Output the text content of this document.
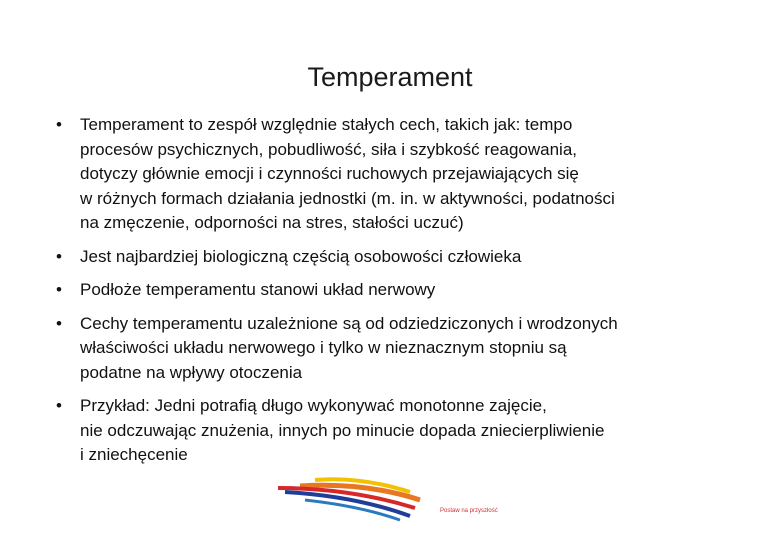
Temperament
•	Temperament to zespół względnie stałych cech, takich jak: tempo
procesów psychicznych, pobudliwość, siła i szybkość reagowania,
dotyczy głównie emocji i czynności ruchowych przejawiających się
w różnych formach działania jednostki (m. in. w aktywności, podatności
na zmęczenie, odporności na stres, stałości uczuć)
•	Jest najbardziej biologiczną częścią osobowości człowieka
•	Podłoże temperamentu stanowi układ nerwowy
•	Cechy temperamentu uzależnione są od odziedziczonych i wrodzonych
właściwości układu nerwowego i tylko w nieznacznym stopniu są
podatne na wpływy otoczenia
•	Przykład: Jedni potrafią długo wykonywać monotonne zajęcie,
nie odczuwając znużenia, innych po minucie dopada zniecierpliwienie
i zniechęcenie
Postaw na przyszłość
